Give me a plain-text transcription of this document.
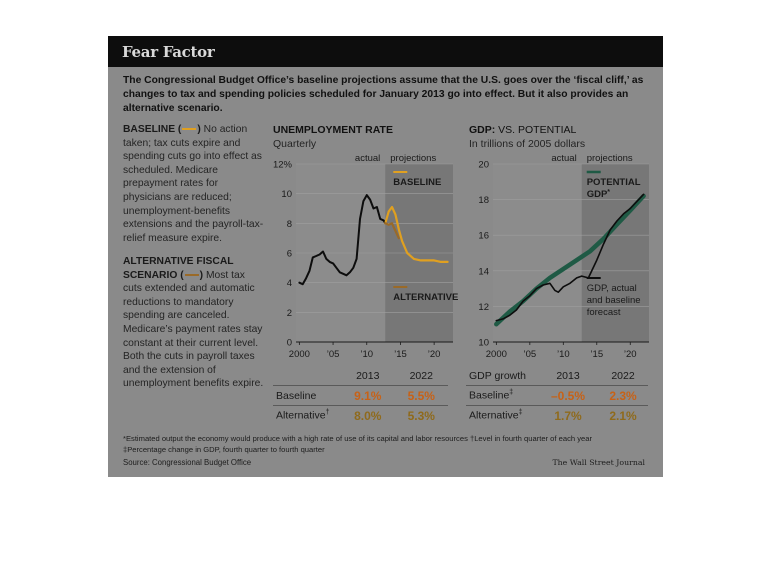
Fear Factor
The Congressional Budget Office’s baseline projections assume that the U.S. goes over the ‘fiscal cliff,’ as changes to tax and spending policies scheduled for January 2013 go into effect. But it also provides an alternative scenario.
BASELINE ( ) No action taken; tax cuts expire and spending cuts go into effect as scheduled. Medicare prepayment rates for physicians are reduced; unemployment-benefits extensions and the payroll-tax-relief measure expire.
ALTERNATIVE FISCAL
SCENARIO ( ) Most tax cuts extended and automatic reductions to mandatory spending are canceled. Medicare’s payment rates stay constant at their current level. Both the cuts in payroll taxes and the extension of unemployment benefits expire.
UNEMPLOYMENT RATE
Quarterly
GDP: VS. POTENTIAL
In trillions of 2005 dollars
0
2
4
6
8
10
12%
2000 ’05 ’10 ’15 ’20
actual projections
BASELINE
ALTERNATIVE
10
12
14
16
18
20
2000 ’05 ’10 ’15 ’20
actual projections
POTENTIAL
GDP*
GDP, actual
and baseline
forecast
	2013	2022
Baseline	9.1%	5.5%
Alternative†	8.0%	5.3%
GDP growth	2013	2022
Baseline‡	–0.5%	2.3%
Alternative‡	1.7%	2.1%
*Estimated output the economy would produce with a high rate of use of its capital and labor resources †Level in fourth quarter of each year
‡Percentage change in GDP, fourth quarter to fourth quarter
Source: Congressional Budget Office	The Wall Street Journal
